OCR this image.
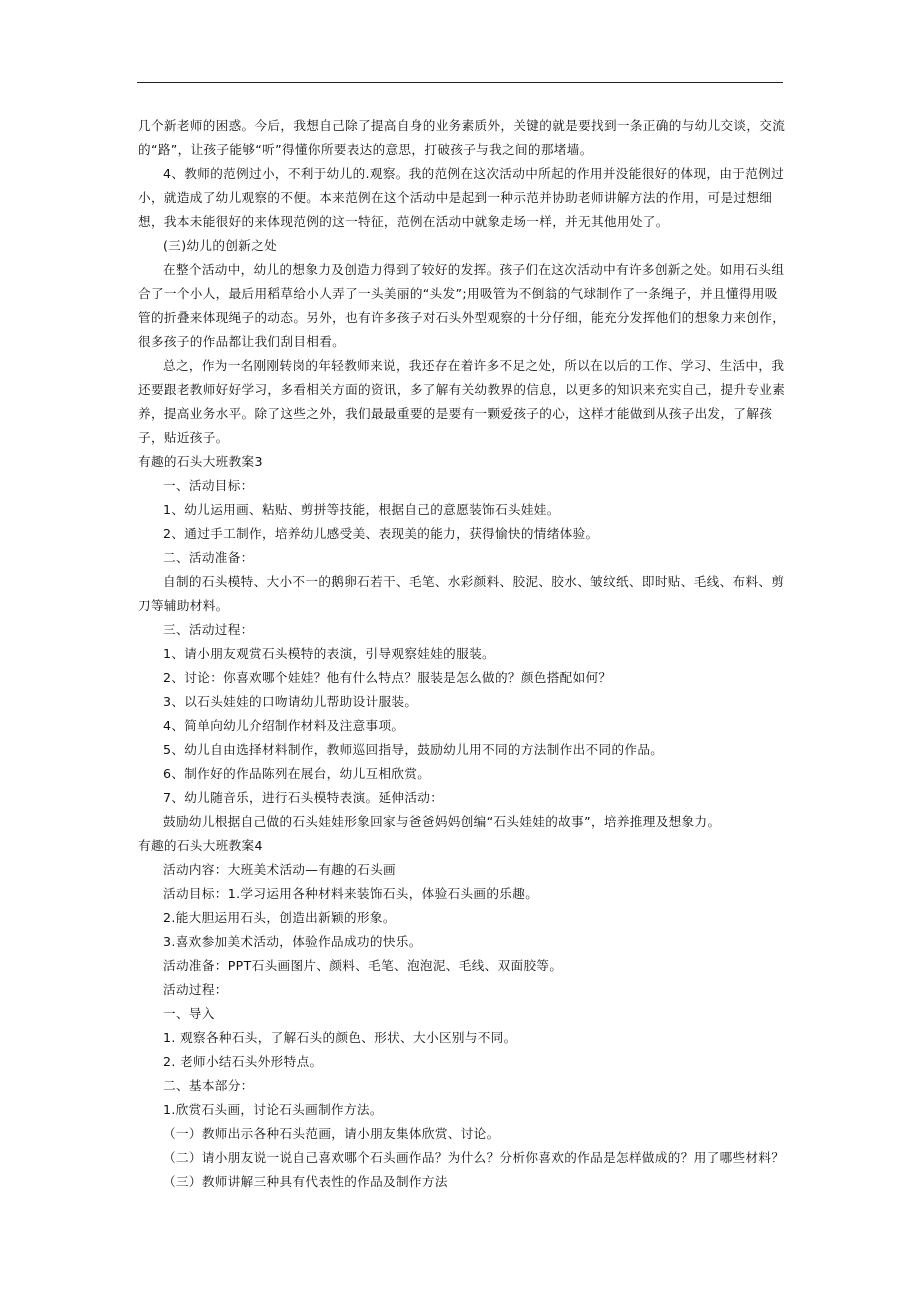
几个新老师的困惑。今后，我想自己除了提高自身的业务素质外，关键的就是要找到一条正确的与幼儿交谈，交流的“路”，让孩子能够“听”得懂你所要表达的意思，打破孩子与我之间的那堵墙。

4、教师的范例过小，不利于幼儿的.观察。我的范例在这次活动中所起的作用并没能很好的体现，由于范例过小，就造成了幼儿观察的不便。本来范例在这个活动中是起到一种示范并协助老师讲解方法的作用，可是过想细想，我本未能很好的来体现范例的这一特征，范例在活动中就象走场一样，并无其他用处了。

(三)幼儿的创新之处

在整个活动中，幼儿的想象力及创造力得到了较好的发挥。孩子们在这次活动中有许多创新之处。如用石头组合了一个小人，最后用稻草给小人弄了一头美丽的“头发”;用吸管为不倒翁的气球制作了一条绳子，并且懂得用吸管的折叠来体现绳子的动态。另外，也有许多孩子对石头外型观察的十分仔细，能充分发挥他们的想象力来创作，很多孩子的作品都让我们刮目相看。

总之，作为一名刚刚转岗的年轻教师来说，我还存在着许多不足之处，所以在以后的工作、学习、生活中，我还要跟老教师好好学习，多看相关方面的资讯，多了解有关幼教界的信息，以更多的知识来充实自己，提升专业素养，提高业务水平。除了这些之外，我们最最重要的是要有一颗爱孩子的心，这样才能做到从孩子出发，了解孩子，贴近孩子。

有趣的石头大班教案3

一、活动目标：

1、幼儿运用画、粘贴、剪拼等技能，根据自己的意愿装饰石头娃娃。

2、通过手工制作，培养幼儿感受美、表现美的能力，获得愉快的情绪体验。

二、活动准备：

自制的石头模特、大小不一的鹅卵石若干、毛笔、水彩颜料、胶泥、胶水、皱纹纸、即时贴、毛线、布料、剪刀等辅助材料。

三、活动过程：

1、请小朋友观赏石头模特的表演，引导观察娃娃的服装。

2、讨论：你喜欢哪个娃娃？他有什么特点？服装是怎么做的？颜色搭配如何？

3、以石头娃娃的口吻请幼儿帮助设计服装。

4、简单向幼儿介绍制作材料及注意事项。

5、幼儿自由选择材料制作，教师巡回指导，鼓励幼儿用不同的方法制作出不同的作品。

6、制作好的作品陈列在展台，幼儿互相欣赏。

7、幼儿随音乐，进行石头模特表演。延伸活动：

鼓励幼儿根据自己做的石头娃娃形象回家与爸爸妈妈创编“石头娃娃的故事”，培养推理及想象力。

有趣的石头大班教案4

活动内容：大班美术活动—有趣的石头画

活动目标：1.学习运用各种材料来装饰石头，体验石头画的乐趣。

2.能大胆运用石头，创造出新颖的形象。

3.喜欢参加美术活动，体验作品成功的快乐。

活动准备：PPT石头画图片、颜料、毛笔、泡泡泥、毛线、双面胶等。

活动过程：

一、导入

1. 观察各种石头，了解石头的颜色、形状、大小区别与不同。

2. 老师小结石头外形特点。

二、基本部分：

1.欣赏石头画，讨论石头画制作方法。

（一）教师出示各种石头范画，请小朋友集体欣赏、讨论。

（二）请小朋友说一说自己喜欢哪个石头画作品？为什么？分析你喜欢的作品是怎样做成的？用了哪些材料？

（三）教师讲解三种具有代表性的作品及制作方法
